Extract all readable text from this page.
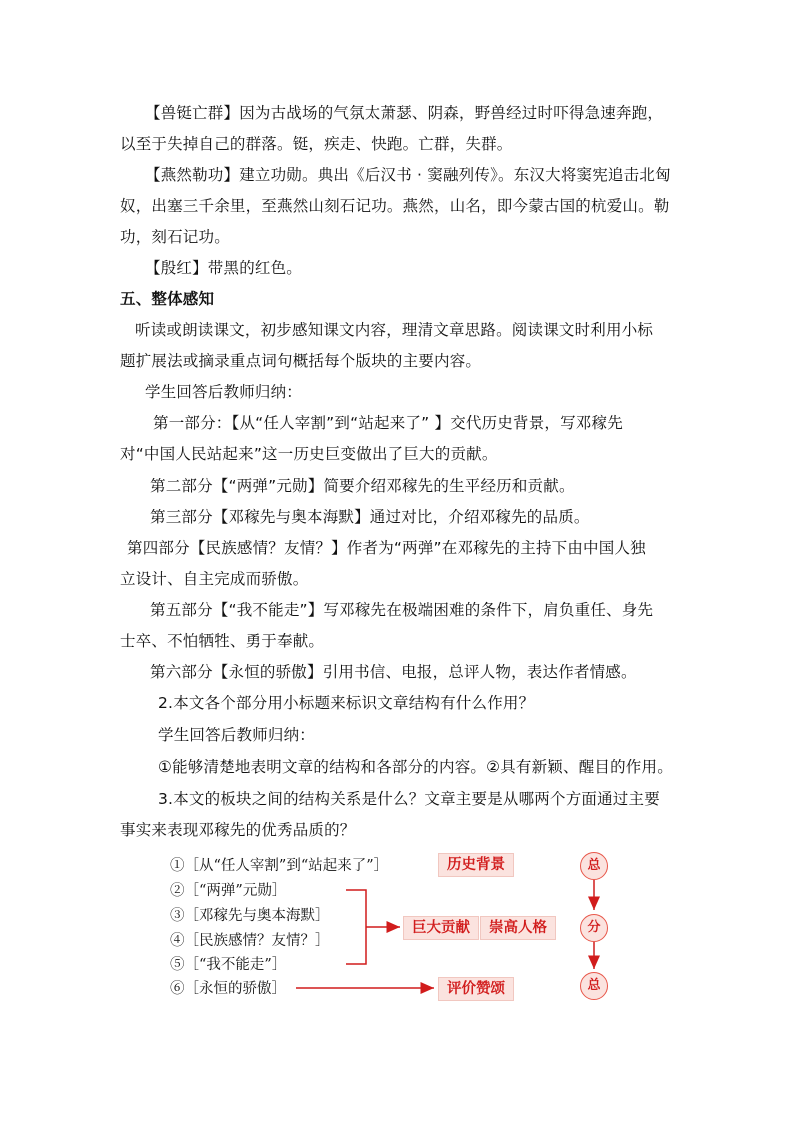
【兽铤亡群】因为古战场的气氛太萧瑟、阴森，野兽经过时吓得急速奔跑，
以至于失掉自己的群落。铤，疾走、快跑。亡群，失群。
【燕然勒功】建立功勋。典出《后汉书 · 窦融列传》。东汉大将窦宪追击北匈
奴，出塞三千余里，至燕然山刻石记功。燕然，山名，即今蒙古国的杭爱山。勒
功，刻石记功。
【殷红】带黑的红色。
五、整体感知
听读或朗读课文，初步感知课文内容，理清文章思路。阅读课文时利用小标
题扩展法或摘录重点词句概括每个版块的主要内容。
学生回答后教师归纳：
第一部分：【从“任人宰割”到“站起来了” 】交代历史背景，写邓稼先
对“中国人民站起来”这一历史巨变做出了巨大的贡献。
第二部分【“两弹”元勋】简要介绍邓稼先的生平经历和贡献。
第三部分【邓稼先与奥本海默】通过对比，介绍邓稼先的品质。
第四部分【民族感情？友情？】作者为“两弹”在邓稼先的主持下由中国人独
立设计、自主完成而骄傲。
第五部分【“我不能走”】写邓稼先在极端困难的条件下，肩负重任、身先
士卒、不怕牺牲、勇于奉献。
第六部分【永恒的骄傲】引用书信、电报，总评人物，表达作者情感。
2.本文各个部分用小标题来标识文章结构有什么作用？
学生回答后教师归纳：
①能够清楚地表明文章的结构和各部分的内容。②具有新颖、醒目的作用。
3.本文的板块之间的结构关系是什么？文章主要是从哪两个方面通过主要
事实来表现邓稼先的优秀品质的？
①［从“任人宰割”到“站起来了”］
②［“两弹”元勋］
③［邓稼先与奥本海默］
④［民族感情？友情？］
⑤［“我不能走”］
⑥［永恒的骄傲］
历史背景
巨大贡献	崇高人格
评价赞颂
总
分
总
